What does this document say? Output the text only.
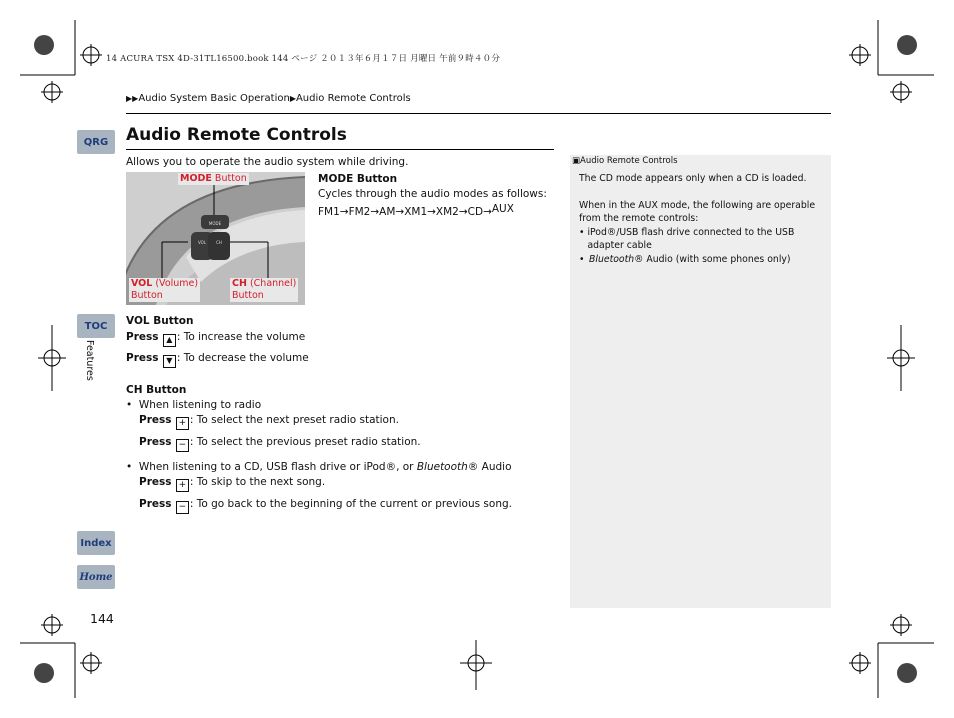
14 ACURA TSX 4D-31TL16500.book 144 ページ ２０１３年６月１７日 月曜日 午前９時４０分
▶▶Audio System Basic Operation▶Audio Remote Controls
QRG
TOC
Features
Index
Home
144
Audio Remote Controls
Allows you to operate the audio system while driving.
MODE
VOL	CH
MODE Button
VOL (Volume)
Button
CH (Channel)
Button
MODE Button
Cycles through the audio modes as follows:
FM1→FM2→AM→XM1→XM2→CD→AUX
VOL Button
Press ▲ : To increase the volume
Press ▼ : To decrease the volume
CH Button
•  When listening to radio
Press + : To select the next preset radio station.
Press − : To select the previous preset radio station.
•  When listening to a CD, USB flash drive or iPod®, or Bluetooth® Audio
Press + : To skip to the next song.
Press − : To go back to the beginning of the current or previous song.
▣Audio Remote Controls
The CD mode appears only when a CD is loaded.
When in the AUX mode, the following are operable from the remote controls:
• iPod®/USB flash drive connected to the USB adapter cable
• Bluetooth® Audio (with some phones only)
